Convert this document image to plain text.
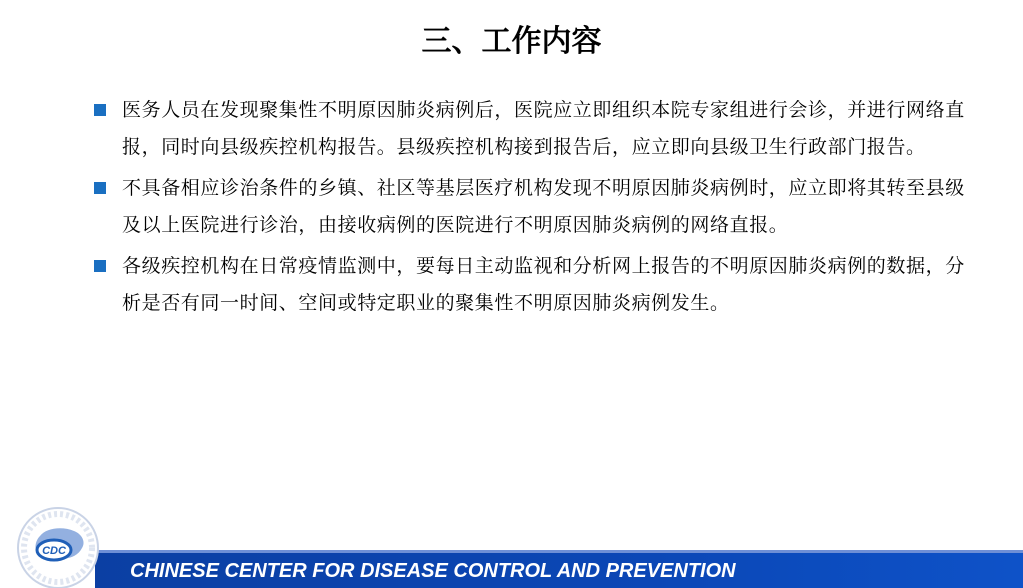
三、工作内容
医务人员在发现聚集性不明原因肺炎病例后，医院应立即组织本院专家组进行会诊，并进行网络直报，同时向县级疾控机构报告。县级疾控机构接到报告后，应立即向县级卫生行政部门报告。
不具备相应诊治条件的乡镇、社区等基层医疗机构发现不明原因肺炎病例时，应立即将其转至县级及以上医院进行诊治，由接收病例的医院进行不明原因肺炎病例的网络直报。
各级疾控机构在日常疫情监测中，要每日主动监视和分析网上报告的不明原因肺炎病例的数据，分析是否有同一时间、空间或特定职业的聚集性不明原因肺炎病例发生。
CHINESE CENTER FOR DISEASE CONTROL AND PREVENTION
CDC
